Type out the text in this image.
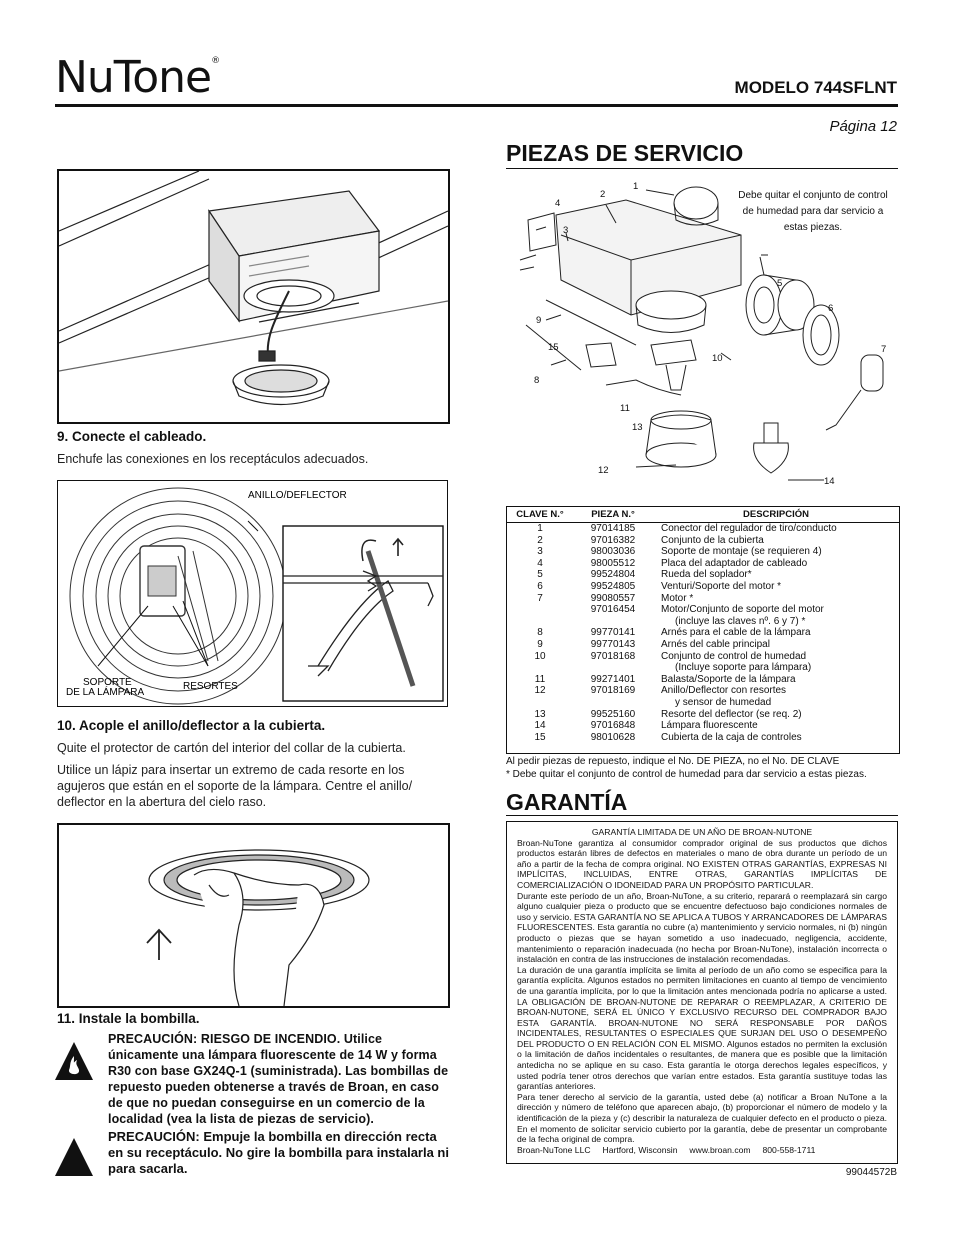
NuTone®
MODELO 744SFLNT
Página 12
9. Conecte el cableado.
Enchufe las conexiones en los receptáculos adecuados.
ANILLO/DEFLECTOR
SOPORTE
DE LA LÁMPARA
RESORTES
10. Acople el anillo/deflector a la cubierta.
Quite el protector de cartón del interior del collar de la cubierta.
Utilice un lápiz para insertar un extremo de cada resorte en los agujeros que están en el soporte de la lámpara. Centre el anillo/ deflector en la abertura del cielo raso.
11. Instale la bombilla.
PRECAUCIÓN: RIESGO DE INCENDIO. Utilice únicamente una lámpara fluorescente de 14 W y forma R30 con base GX24Q-1 (suministrada). Las bombillas de repuesto pueden obtenerse a través de Broan, en caso de que no puedan conseguirse en un comercio de la localidad (vea la lista de piezas de servicio).
PRECAUCIÓN: Empuje la bombilla en dirección recta en su receptáculo. No gire la bombilla para instalarla ni para sacarla.
PIEZAS DE SERVICIO
1
2
3
4
5
6
7
8
9
10
11
13
12
14
15
Debe quitar el conjunto de control de humedad para dar servicio a estas piezas.
CLAVE N.°	PIEZA N.°	DESCRIPCIÓN
1	97014185	Conector del regulador de tiro/conducto
2	97016382	Conjunto de la cubierta
3	98003036	Soporte de montaje (se requieren 4)
4	98005512	Placa del adaptador de cableado
5	99524804	Rueda del soplador*
6	99524805	Venturi/Soporte del motor *
7	99080557	Motor *
	97016454	Motor/Conjunto de soporte del motor
		(incluye las claves nº. 6 y 7) *
8	99770141	Arnés para el cable de la lámpara
9	99770143	Arnés del cable principal
10	97018168	Conjunto de control de humedad
		(Incluye soporte para lámpara)
11	99271401	Balasta/Soporte de la lámpara
12	97018169	Anillo/Deflector con resortes
		y sensor de humedad
13	99525160	Resorte del deflector (se req. 2)
14	97016848	Lámpara fluorescente
15	98010628	Cubierta de la caja de controles
Al pedir piezas de repuesto, indique el No. DE PIEZA, no el No. DE CLAVE
* Debe quitar el conjunto de control de humedad para dar servicio a estas piezas.
GARANTÍA

GARANTÍA LIMITADA DE UN AÑO DE BROAN-NUTONE

Broan-NuTone garantiza al consumidor comprador original de sus productos que dichos productos estarán libres de defectos en materiales o mano de obra durante un período de un año a partir de la fecha de compra original. NO EXISTEN OTRAS GARANTÍAS, EXPRESAS NI IMPLÍCITAS, INCLUIDAS, ENTRE OTRAS, GARANTÍAS IMPLÍCITAS DE COMERCIALIZACIÓN O IDONEIDAD PARA UN PROPÓSITO PARTICULAR.

Durante este período de un año, Broan-NuTone, a su criterio, reparará o reemplazará sin cargo alguno cualquier pieza o producto que se encuentre defectuoso bajo condiciones normales de uso y servicio. ESTA GARANTÍA NO SE APLICA A TUBOS Y ARRANCADORES DE LÁMPARAS FLUORESCENTES. Esta garantía no cubre (a) mantenimiento y servicio normales, ni (b) ningún producto o piezas que se hayan sometido a uso inadecuado, negligencia, accidente, mantenimiento o reparación inadecuada (no hecha por Broan-NuTone), instalación incorrecta o instalación en contra de las instrucciones de instalación recomendadas.

La duración de una garantía implícita se limita al período de un año como se especifica para la garantía explícita. Algunos estados no permiten limitaciones en cuanto al tiempo de vencimiento de una garantía implícita, por lo que la limitación antes mencionada podría no aplicarse a usted. LA OBLIGACIÓN DE BROAN-NUTONE DE REPARAR O REEMPLAZAR, A CRITERIO DE BROAN-NUTONE, SERÁ EL ÚNICO Y EXCLUSIVO RECURSO DEL COMPRADOR BAJO ESTA GARANTÍA. BROAN-NUTONE NO SERÁ RESPONSABLE POR DAÑOS INCIDENTALES, RESULTANTES O ESPECIALES QUE SURJAN DEL USO O DESEMPEÑO DEL PRODUCTO O EN RELACIÓN CON EL MISMO. Algunos estados no permiten la exclusión o la limitación de daños incidentales o resultantes, de manera que es posible que la limitación antedicha no se aplique en su caso. Esta garantía le otorga derechos legales específicos, y usted podría tener otros derechos que varían entre estados. Esta garantía sustituye todas las garantías anteriores.

Para tener derecho al servicio de la garantía, usted debe (a) notificar a Broan NuTone a la dirección y número de teléfono que aparecen abajo, (b) proporcionar el número de modelo y la identificación de la pieza y (c) describir la naturaleza de cualquier defecto en el producto o pieza. En el momento de solicitar servicio cubierto por la garantía, debe de presentar un comprobante de la fecha original de compra.

Broan-NuTone LLC     Hartford, Wisconsin     www.broan.com     800-558-1711

99044572B
